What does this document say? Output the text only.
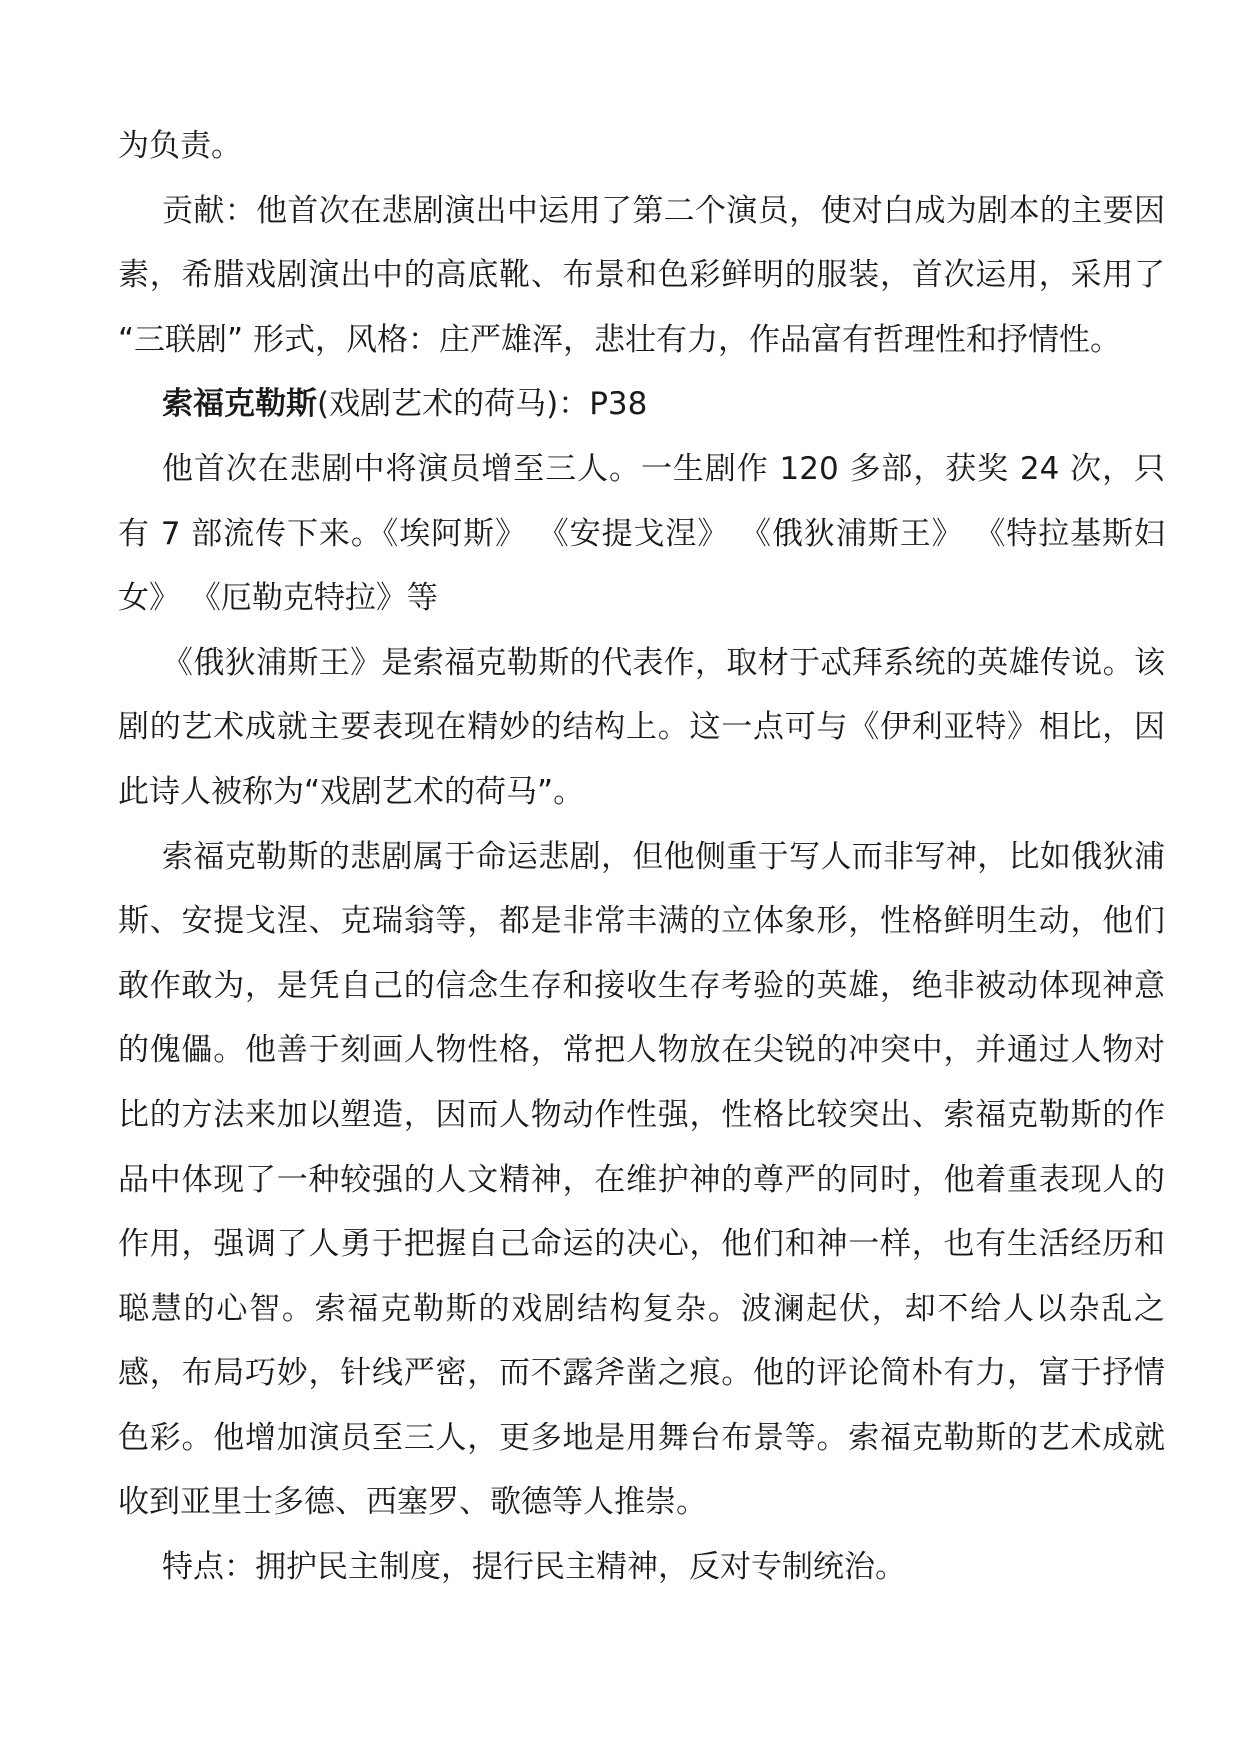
为负责。

贡献：他首次在悲剧演出中运用了第二个演员，使对白成为剧本的主要因素，希腊戏剧演出中的高底靴、布景和色彩鲜明的服装，首次运用，采用了 “三联剧” 形式，风格：庄严雄浑，悲壮有力，作品富有哲理性和抒情性。

索福克勒斯(戏剧艺术的荷马)：P38

他首次在悲剧中将演员增至三人。一生剧作 120 多部，获奖 24 次，只有 7 部流传下来。《埃阿斯》 《安提戈涅》 《俄狄浦斯王》 《特拉基斯妇女》 《厄勒克特拉》等

《俄狄浦斯王》是索福克勒斯的代表作，取材于忒拜系统的英雄传说。该剧的艺术成就主要表现在精妙的结构上。这一点可与《伊利亚特》相比，因此诗人被称为“戏剧艺术的荷马”。

索福克勒斯的悲剧属于命运悲剧，但他侧重于写人而非写神，比如俄狄浦斯、安提戈涅、克瑞翁等，都是非常丰满的立体象形，性格鲜明生动，他们敢作敢为，是凭自己的信念生存和接收生存考验的英雄，绝非被动体现神意的傀儡。他善于刻画人物性格，常把人物放在尖锐的冲突中，并通过人物对比的方法来加以塑造，因而人物动作性强，性格比较突出、索福克勒斯的作品中体现了一种较强的人文精神，在维护神的尊严的同时，他着重表现人的作用，强调了人勇于把握自己命运的决心，他们和神一样，也有生活经历和聪慧的心智。索福克勒斯的戏剧结构复杂。波澜起伏，却不给人以杂乱之感，布局巧妙，针线严密，而不露斧凿之痕。他的评论简朴有力，富于抒情色彩。他增加演员至三人，更多地是用舞台布景等。索福克勒斯的艺术成就收到亚里士多德、西塞罗、歌德等人推崇。

特点：拥护民主制度，提行民主精神，反对专制统治。
